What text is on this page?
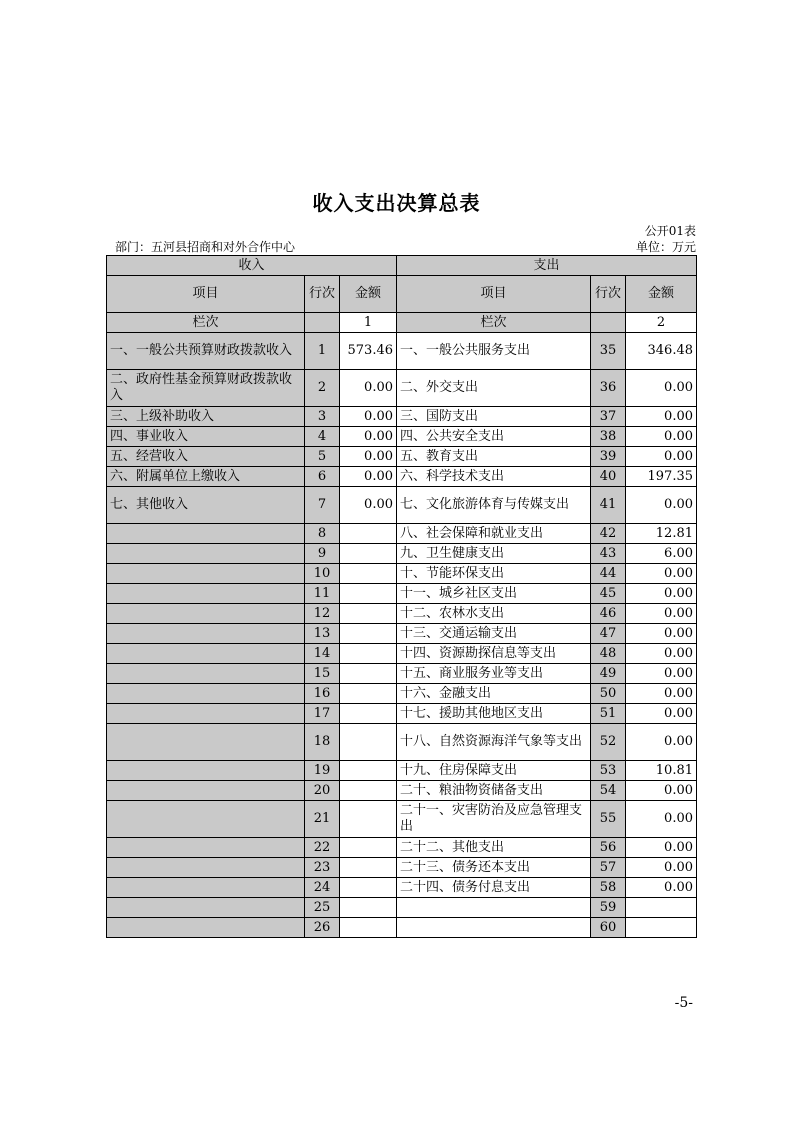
收入支出决算总表
公开01表
部门：五河县招商和对外合作中心	单位：万元
收入			支出		
项目	行次	金额	项目	行次	金额
栏次		1	栏次		2
一、一般公共预算财政拨款收入	1	573.46	一、一般公共服务支出	35	346.48
二、政府性基金预算财政拨款收入	2	0.00	二、外交支出	36	0.00
三、上级补助收入	3	0.00	三、国防支出	37	0.00
四、事业收入	4	0.00	四、公共安全支出	38	0.00
五、经营收入	5	0.00	五、教育支出	39	0.00
六、附属单位上缴收入	6	0.00	六、科学技术支出	40	197.35
七、其他收入	7	0.00	七、文化旅游体育与传媒支出	41	0.00
	8		八、社会保障和就业支出	42	12.81
	9		九、卫生健康支出	43	6.00
	10		十、节能环保支出	44	0.00
	11		十一、城乡社区支出	45	0.00
	12		十二、农林水支出	46	0.00
	13		十三、交通运输支出	47	0.00
	14		十四、资源勘探信息等支出	48	0.00
	15		十五、商业服务业等支出	49	0.00
	16		十六、金融支出	50	0.00
	17		十七、援助其他地区支出	51	0.00
	18		十八、自然资源海洋气象等支出	52	0.00
	19		十九、住房保障支出	53	10.81
	20		二十、粮油物资储备支出	54	0.00
	21		二十一、灾害防治及应急管理支出	55	0.00
	22		二十二、其他支出	56	0.00
	23		二十三、债务还本支出	57	0.00
	24		二十四、债务付息支出	58	0.00
	25			59	
	26			60	
-5-
